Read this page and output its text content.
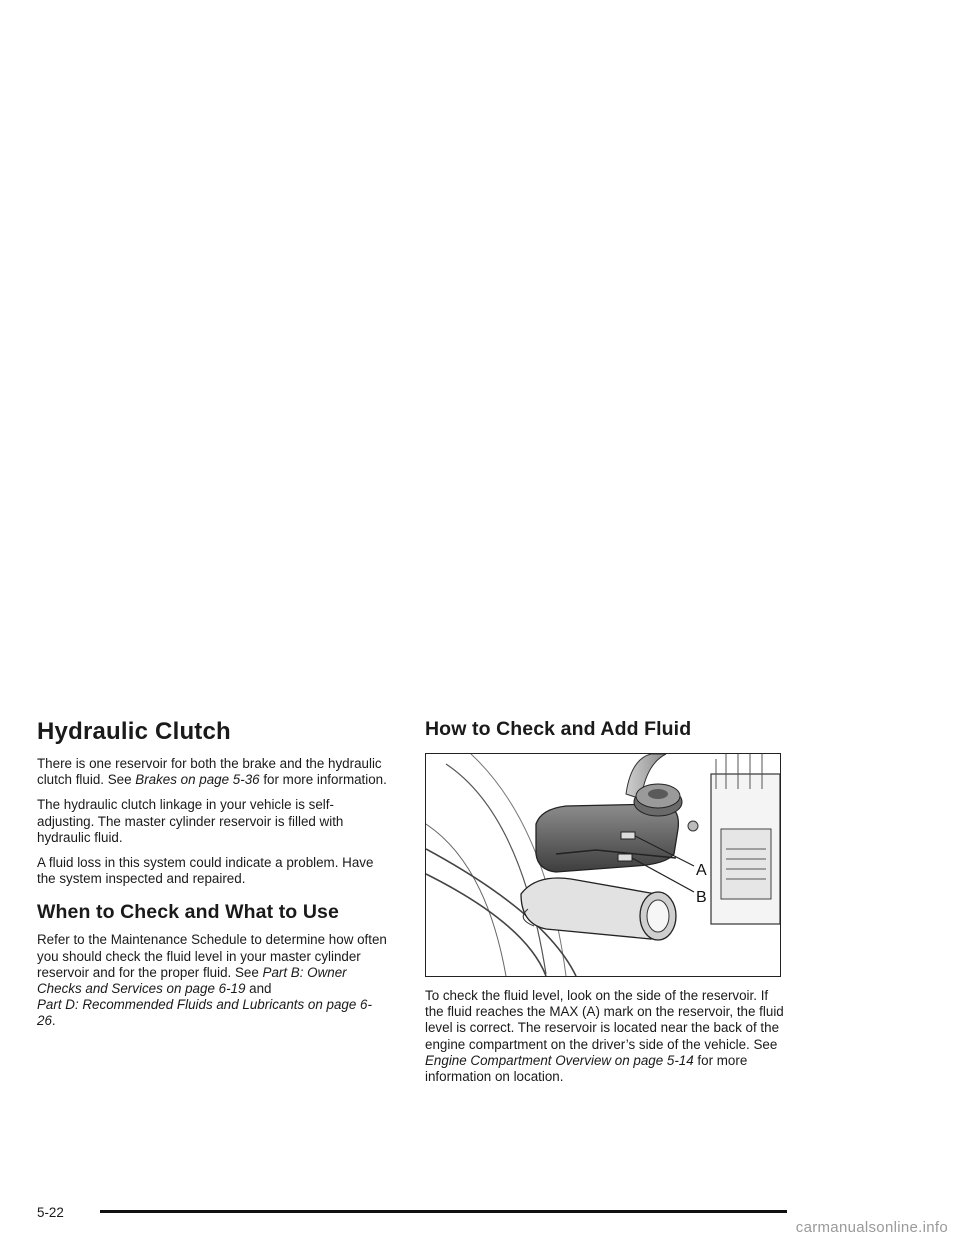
Hydraulic Clutch

There is one reservoir for both the brake and the hydraulic clutch fluid. See Brakes on page 5-36 for more information.

The hydraulic clutch linkage in your vehicle is self-adjusting. The master cylinder reservoir is filled with hydraulic fluid.

A fluid loss in this system could indicate a problem. Have the system inspected and repaired.

When to Check and What to Use

Refer to the Maintenance Schedule to determine how often you should check the fluid level in your master cylinder reservoir and for the proper fluid. See Part B: Owner Checks and Services on page 6-19 and
Part D: Recommended Fluids and Lubricants on page 6-26.

How to Check and Add Fluid
A
B

To check the fluid level, look on the side of the reservoir. If the fluid reaches the MAX (A) mark on the reservoir, the fluid level is correct. The reservoir is located near the back of the engine compartment on the driver’s side of the vehicle. See Engine Compartment Overview on page 5-14 for more information on location.

5-22
carmanualsonline.info
